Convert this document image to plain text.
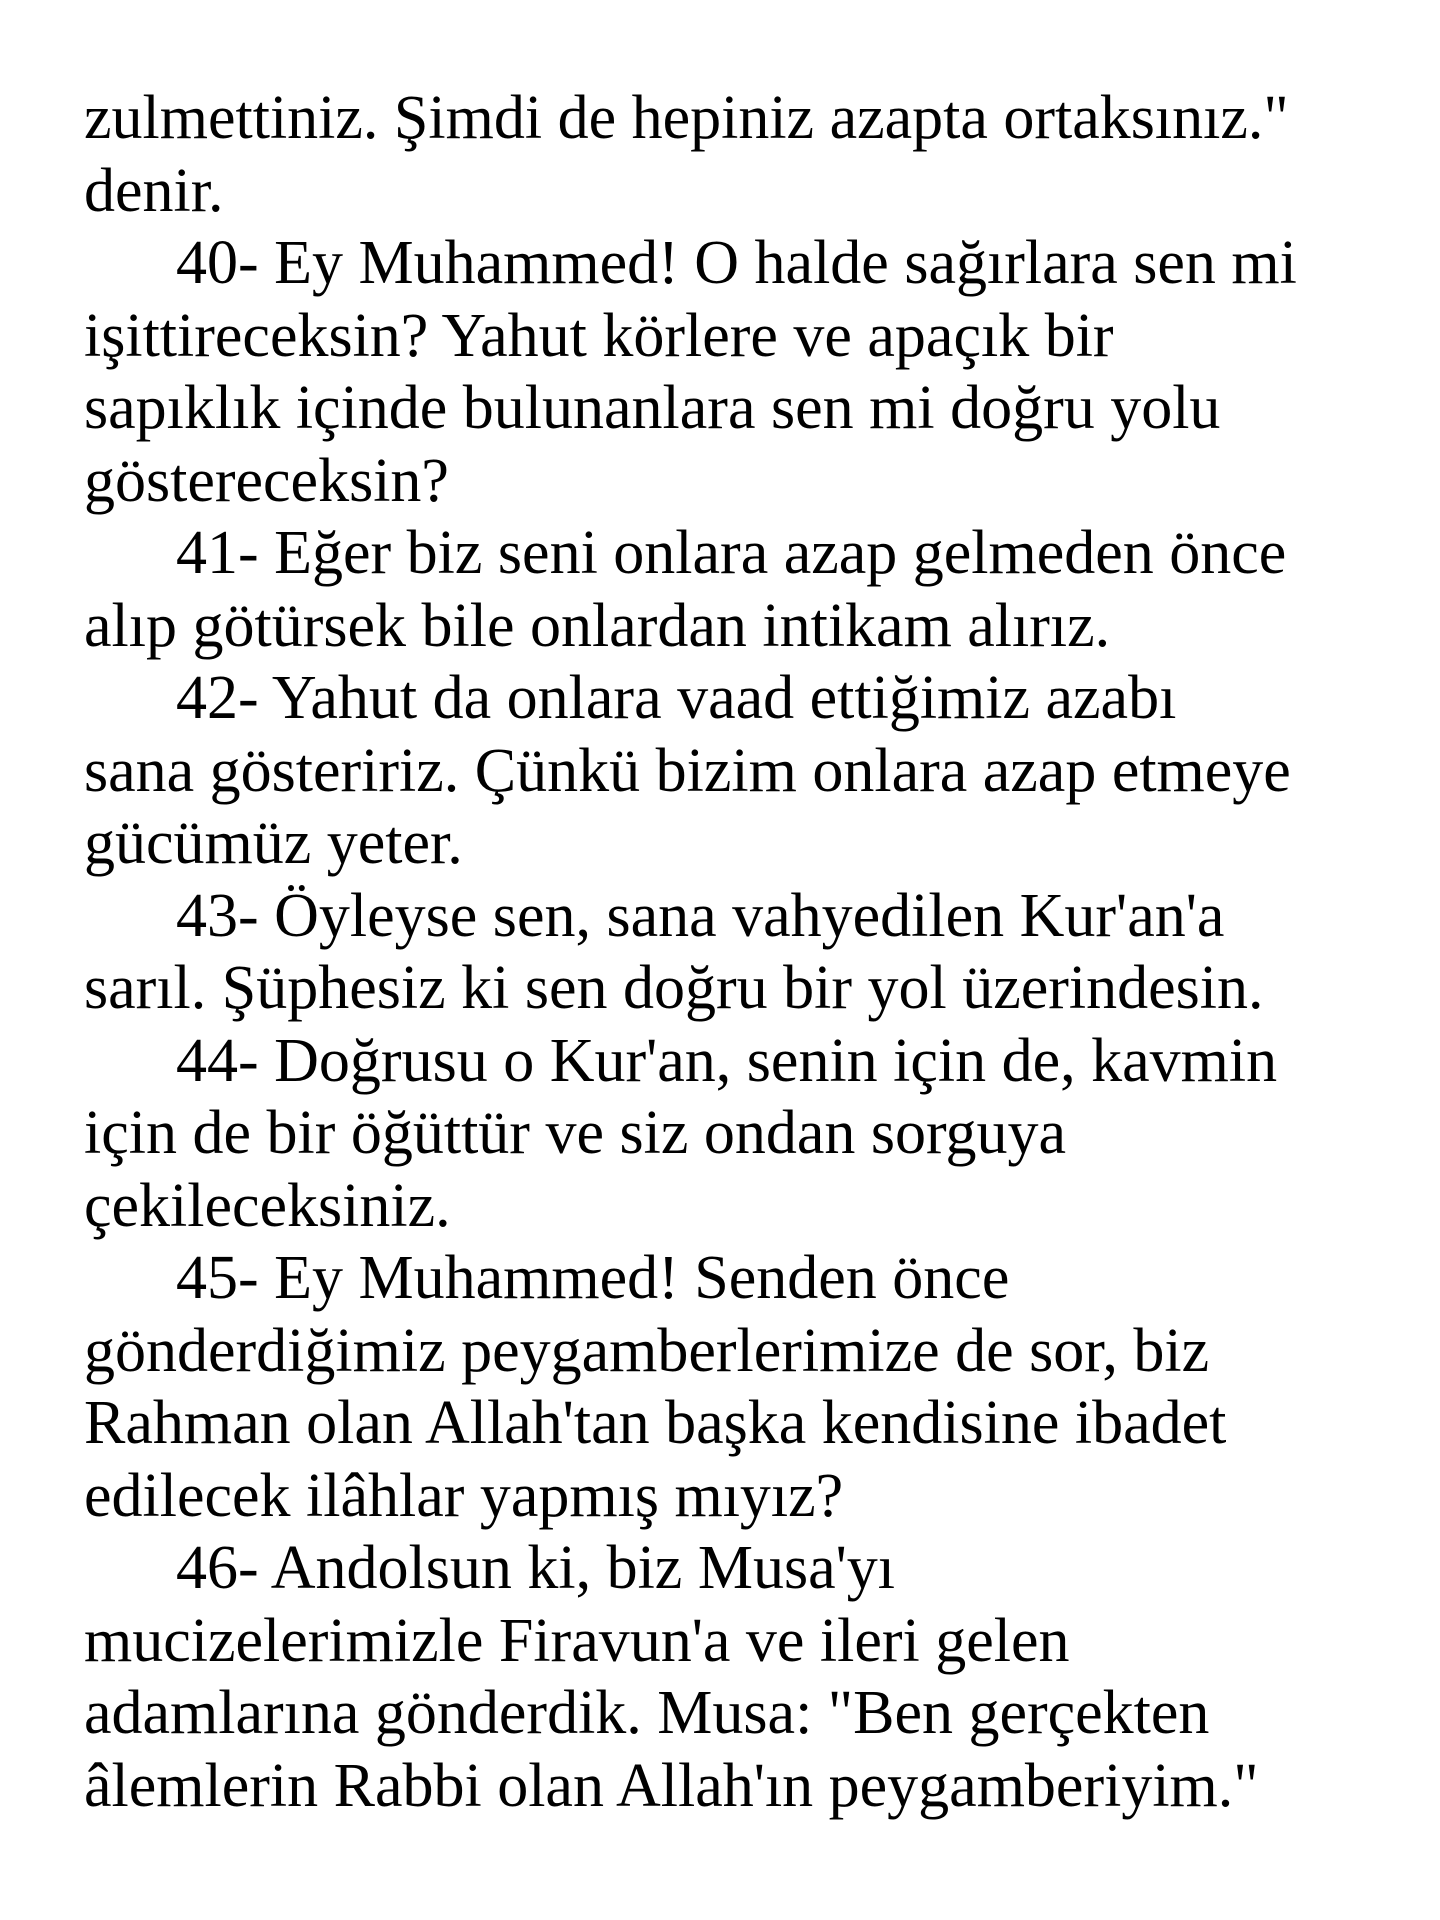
zulmettiniz. Şimdi de hepiniz azapta ortaksınız."
denir.

40- Ey Muhammed! O halde sağırlara sen mi
işittireceksin? Yahut körlere ve apaçık bir
sapıklık içinde bulunanlara sen mi doğru yolu
göstereceksin?

41- Eğer biz seni onlara azap gelmeden önce
alıp götürsek bile onlardan intikam alırız.

42- Yahut da onlara vaad ettiğimiz azabı
sana gösteririz. Çünkü bizim onlara azap etmeye
gücümüz yeter.

43- Öyleyse sen, sana vahyedilen Kur'an'a
sarıl. Şüphesiz ki sen doğru bir yol üzerindesin.

44- Doğrusu o Kur'an, senin için de, kavmin
için de bir öğüttür ve siz ondan sorguya
çekileceksiniz.

45- Ey Muhammed! Senden önce
gönderdiğimiz peygamberlerimize de sor, biz
Rahman olan Allah'tan başka kendisine ibadet
edilecek ilâhlar yapmış mıyız?

46- Andolsun ki, biz Musa'yı
mucizelerimizle Firavun'a ve ileri gelen
adamlarına gönderdik. Musa: "Ben gerçekten
âlemlerin Rabbi olan Allah'ın peygamberiyim."
